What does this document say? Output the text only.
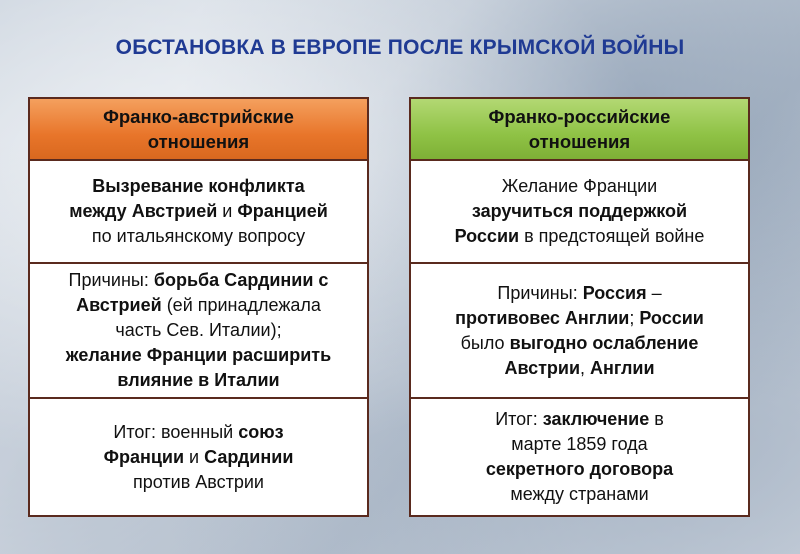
ОБСТАНОВКА В ЕВРОПЕ ПОСЛЕ КРЫМСКОЙ ВОЙНЫ
Франко-австрийские
отношения
Вызревание конфликта
между Австрией и Францией
по итальянскому вопросу
Причины: борьба Сардинии с
Австрией (ей принадлежала
часть Сев. Италии);
желание Франции расширить
влияние в Италии
Итог: военный союз
Франции и Сардинии
против Австрии
Франко-российские
отношения
Желание Франции
заручиться поддержкой
России в предстоящей войне
Причины: Россия –
противовес Англии; России
было выгодно ослабление
Австрии, Англии
Итог: заключение в
марте 1859 года
секретного договора
между странами
